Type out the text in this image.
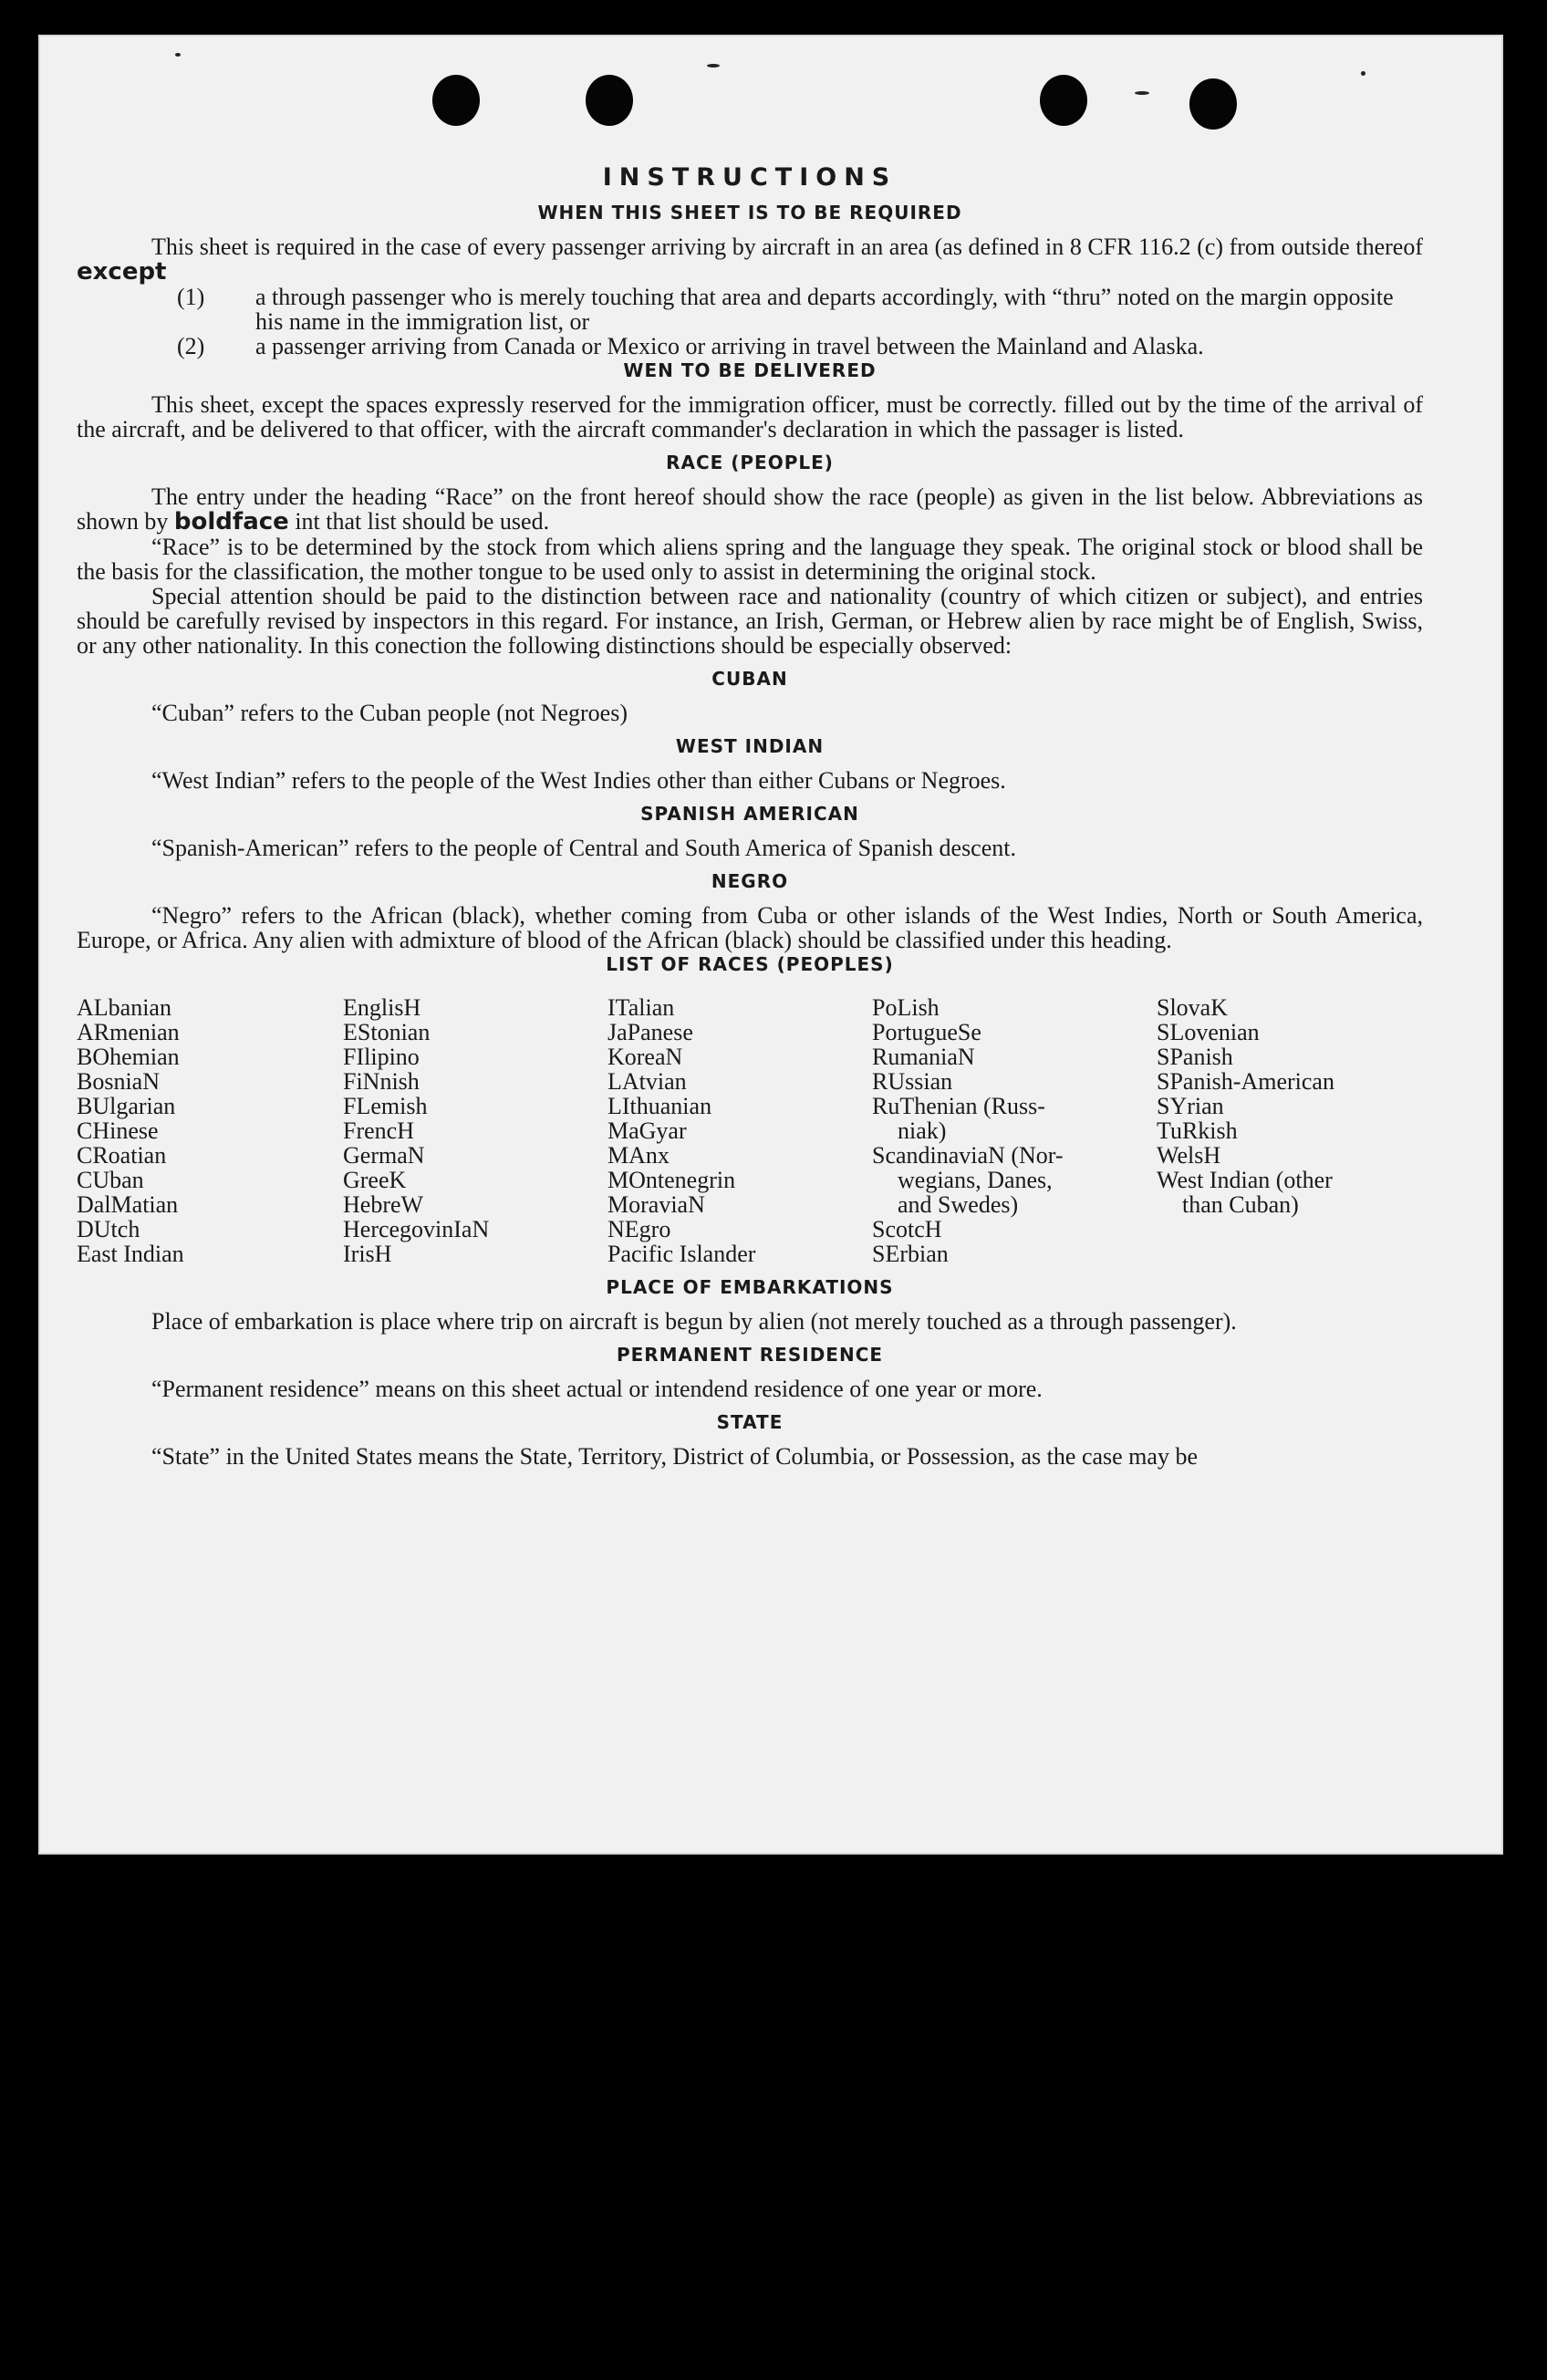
INSTRUCTIONS
WHEN THIS SHEET IS TO BE REQUIRED

This sheet is required in the case of every passenger arriving by aircraft in an area (as defined in 8 CFR 116.2 (c) from outside thereof except

(1) a through passenger who is merely touching that area and departs accordingly, with “thru” noted on the margin opposite his name in the immigration list, or
(2) a passenger arriving from Canada or Mexico or arriving in travel between the Mainland and Alaska.
WEN TO BE DELIVERED

This sheet, except the spaces expressly reserved for the immigration officer, must be correctly. filled out by the time of the arrival of the aircraft, and be delivered to that officer, with the aircraft commander's declaration in which the passager is listed.

RACE (PEOPLE)

The entry under the heading “Race” on the front hereof should show the race (people) as given in the list below. Abbreviations as shown by boldface int that list should be used.

“Race” is to be determined by the stock from which aliens spring and the language they speak. The original stock or blood shall be the basis for the classification, the mother tongue to be used only to assist in determining the original stock.

Special attention should be paid to the distinction between race and nationality (country of which citizen or subject), and entries should be carefully revised by inspectors in this regard. For instance, an Irish, German, or Hebrew alien by race might be of English, Swiss, or any other nationality. In this conection the following distinctions should be especially observed:

CUBAN

“Cuban” refers to the Cuban people (not Negroes)

WEST INDIAN

“West Indian” refers to the people of the West Indies other than either Cubans or Negroes.

SPANISH AMERICAN

“Spanish-American” refers to the people of Central and South America of Spanish descent.

NEGRO

“Negro” refers to the African (black), whether coming from Cuba or other islands of the West Indies, North or South America, Europe, or Africa. Any alien with admixture of blood of the African (black) should be classified under this heading.

LIST OF RACES (PEOPLES)
ALbanian
ARmenian
BOhemian
BosniaN
BUlgarian
CHinese
CRoatian
CUban
DalMatian
DUtch
East Indian
EnglisH
EStonian
FIlipino
FiNnish
FLemish
FrencH
GermaN
GreeK
HebreW
HercegovinIaN
IrisH
ITalian
JaPanese
KoreaN
LAtvian
LIthuanian
MaGyar
MAnx
MOntenegrin
MoraviaN
NEgro
Pacific Islander
PoLish
PortugueSe
RumaniaN
RUssian
RuThenian (Russ-
niak)
ScandinaviaN (Nor-
wegians, Danes,
and Swedes)
ScotcH
SErbian
SlovaK
SLovenian
SPanish
SPanish-American
SYrian
TuRkish
WelsH
West Indian (other
than Cuban)
PLACE OF EMBARKATIONS

Place of embarkation is place where trip on aircraft is begun by alien (not merely touched as a through passenger).

PERMANENT RESIDENCE

“Permanent residence” means on this sheet actual or intendend residence of one year or more.

STATE

“State” in the United States means the State, Territory, District of Columbia, or Possession, as the case may be
